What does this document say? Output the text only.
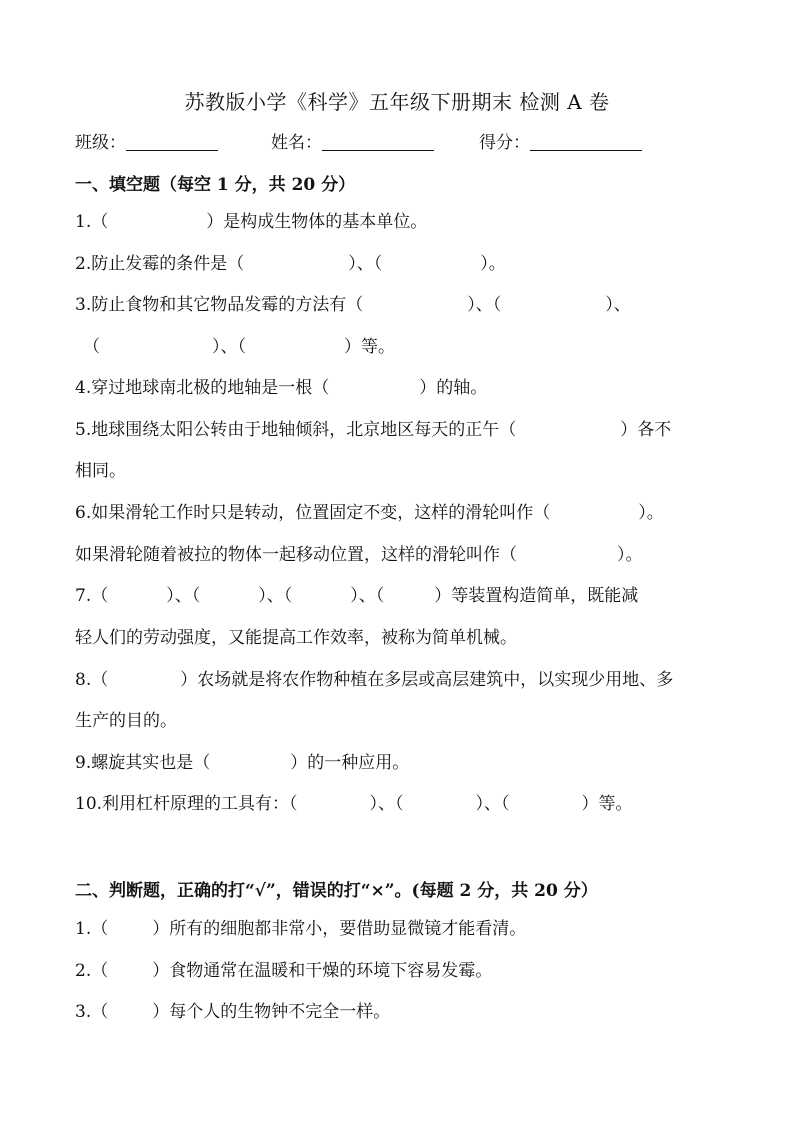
苏教版小学《科学》五年级下册期末 检测 A 卷
班级：	姓名：	得分：
一、填空题（每空 1 分，共 20 分）
1.（	）是构成生物体的基本单位。
2.防止发霉的条件是（	）、（	）。
3.防止食物和其它物品发霉的方法有（	）、（	）、
（	）、（	）等。
4.穿过地球南北极的地轴是一根（	）的轴。
5.地球围绕太阳公转由于地轴倾斜，北京地区每天的正午（	）各不
相同。
6.如果滑轮工作时只是转动，位置固定不变，这样的滑轮叫作（	）。
如果滑轮随着被拉的物体一起移动位置，这样的滑轮叫作（	）。
7.（	）、（	）、（	）、（	）等装置构造简单，既能减
轻人们的劳动强度，又能提高工作效率，被称为简单机械。
8.（	）农场就是将农作物种植在多层或高层建筑中，以实现少用地、多
生产的目的。
9.螺旋其实也是（	）的一种应用。
10.利用杠杆原理的工具有：（	）、（	）、（	）等。
二、判断题，正确的打“√”，错误的打“×”。(每题 2 分，共 20 分）
1.（	）所有的细胞都非常小，要借助显微镜才能看清。
2.（	）食物通常在温暖和干燥的环境下容易发霉。
3.（	）每个人的生物钟不完全一样。
